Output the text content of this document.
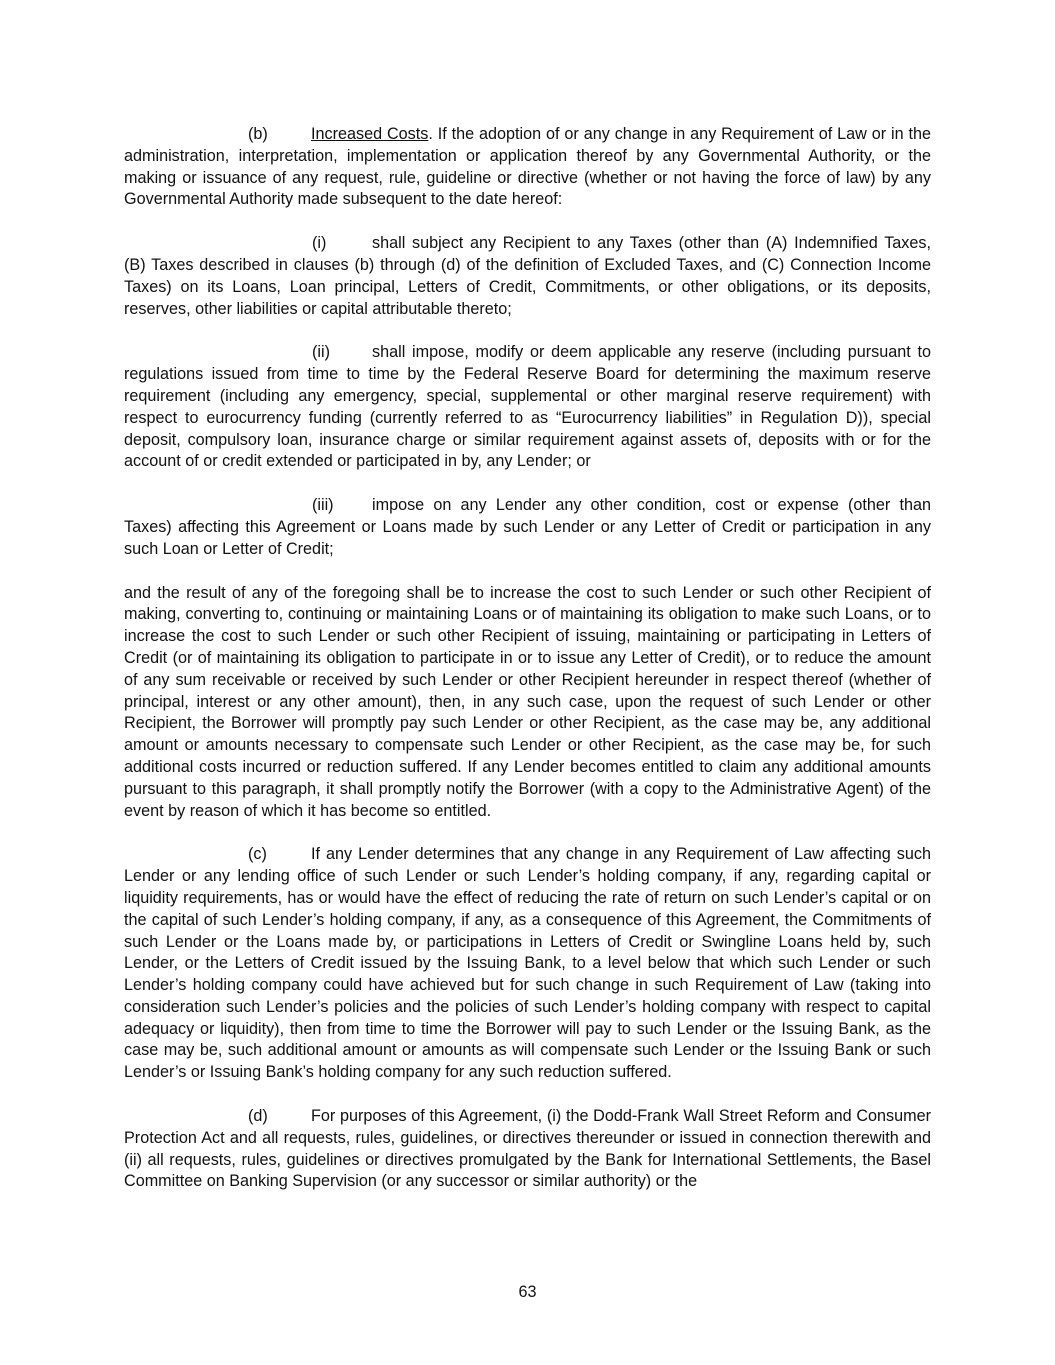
(b)	Increased Costs. If the adoption of or any change in any Requirement of Law or in the administration, interpretation, implementation or application thereof by any Governmental Authority, or the making or issuance of any request, rule, guideline or directive (whether or not having the force of law) by any Governmental Authority made subsequent to the date hereof:

(i)	shall subject any Recipient to any Taxes (other than (A) Indemnified Taxes, (B) Taxes described in clauses (b) through (d) of the definition of Excluded Taxes, and (C) Connection Income Taxes) on its Loans, Loan principal, Letters of Credit, Commitments, or other obligations, or its deposits, reserves, other liabilities or capital attributable thereto;

(ii)	shall impose, modify or deem applicable any reserve (including pursuant to regulations issued from time to time by the Federal Reserve Board for determining the maximum reserve requirement (including any emergency, special, supplemental or other marginal reserve requirement) with respect to eurocurrency funding (currently referred to as “Eurocurrency liabilities” in Regulation D)), special deposit, compulsory loan, insurance charge or similar requirement against assets of, deposits with or for the account of or credit extended or participated in by, any Lender; or

(iii) impose on any Lender any other condition, cost or expense (other than Taxes) affecting this Agreement or Loans made by such Lender or any Letter of Credit or participation in any such Loan or Letter of Credit;

and the result of any of the foregoing shall be to increase the cost to such Lender or such other Recipient of making, converting to, continuing or maintaining Loans or of maintaining its obligation to make such Loans, or to increase the cost to such Lender or such other Recipient of issuing, maintaining or participating in Letters of Credit (or of maintaining its obligation to participate in or to issue any Letter of Credit), or to reduce the amount of any sum receivable or received by such Lender or other Recipient hereunder in respect thereof (whether of principal, interest or any other amount), then, in any such case, upon the request of such Lender or other Recipient, the Borrower will promptly pay such Lender or other Recipient, as the case may be, any additional amount or amounts necessary to compensate such Lender or other Recipient, as the case may be, for such additional costs incurred or reduction suffered. If any Lender becomes entitled to claim any additional amounts pursuant to this paragraph, it shall promptly notify the Borrower (with a copy to the Administrative Agent) of the event by reason of which it has become so entitled.

(c)	If any Lender determines that any change in any Requirement of Law affecting such Lender or any lending office of such Lender or such Lender’s holding company, if any, regarding capital or liquidity requirements, has or would have the effect of reducing the rate of return on such Lender’s capital or on the capital of such Lender’s holding company, if any, as a consequence of this Agreement, the Commitments of such Lender or the Loans made by, or participations in Letters of Credit or Swingline Loans held by, such Lender, or the Letters of Credit issued by the Issuing Bank, to a level below that which such Lender or such Lender’s holding company could have achieved but for such change in such Requirement of Law (taking into consideration such Lender’s policies and the policies of such Lender’s holding company with respect to capital adequacy or liquidity), then from time to time the Borrower will pay to such Lender or the Issuing Bank, as the case may be, such additional amount or amounts as will compensate such Lender or the Issuing Bank or such Lender’s or Issuing Bank’s holding company for any such reduction suffered.

(d)	For purposes of this Agreement, (i) the Dodd-Frank Wall Street Reform and Consumer Protection Act and all requests, rules, guidelines, or directives thereunder or issued in connection therewith and (ii) all requests, rules, guidelines or directives promulgated by the Bank for International Settlements, the Basel Committee on Banking Supervision (or any successor or similar authority) or the

63
